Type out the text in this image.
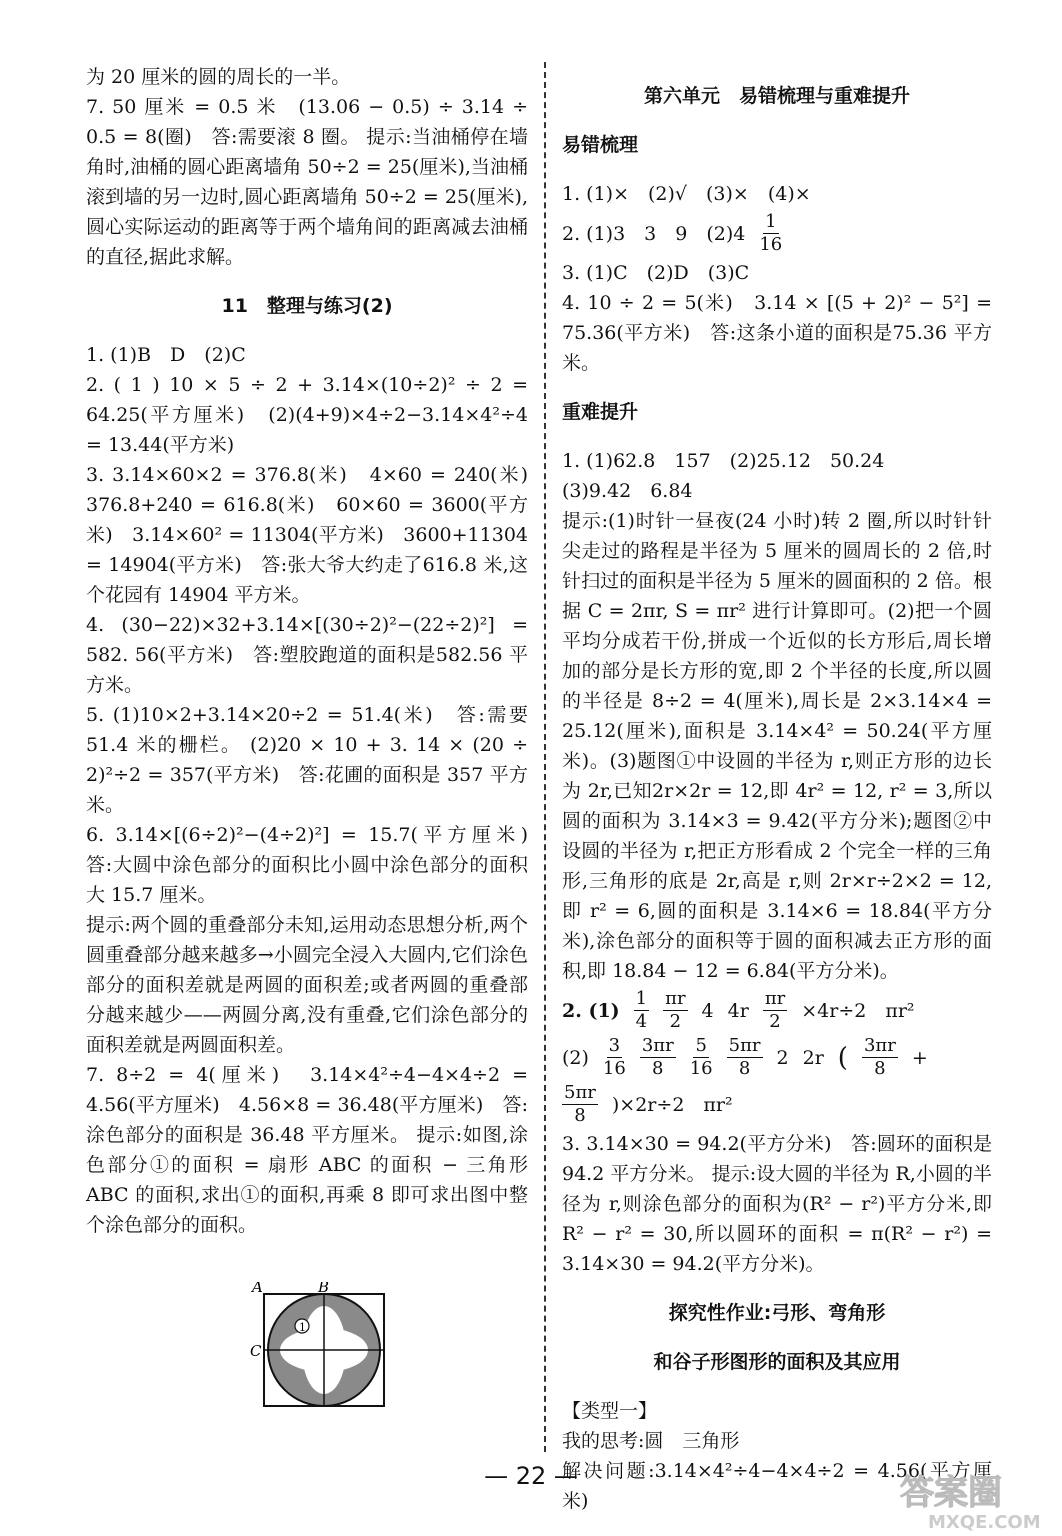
为 20 厘米的圆的周长的一半。

7. 50 厘米 = 0.5 米　(13.06 − 0.5) ÷ 3.14 ÷ 0.5 = 8(圈)　答:需要滚 8 圈。 提示:当油桶停在墙角时,油桶的圆心距离墙角 50÷2 = 25(厘米),当油桶滚到墙的另一边时,圆心距离墙角 50÷2 = 25(厘米),圆心实际运动的距离等于两个墙角间的距离减去油桶的直径,据此求解。

11　整理与练习(2)

1. (1)B　D　(2)C

2. ( 1 ) 10 × 5 ÷ 2 + 3.14×(10÷2)² ÷ 2 = 64.25(平方厘米)　(2)(4+9)×4÷2−3.14×4²÷4 = 13.44(平方米)

3. 3.14×60×2 = 376.8(米)　4×60 = 240(米)　376.8+240 = 616.8(米)　60×60 = 3600(平方米)　3.14×60² = 11304(平方米)　3600+11304 = 14904(平方米)　答:张大爷大约走了616.8 米,这个花园有 14904 平方米。

4. (30−22)×32+3.14×[(30÷2)²−(22÷2)²] = 582. 56(平方米)　答:塑胶跑道的面积是582.56 平方米。

5. (1)10×2+3.14×20÷2 = 51.4(米)　答:需要 51.4 米的栅栏。 (2)20 × 10 + 3. 14 × (20 ÷ 2)²÷2 = 357(平方米)　答:花圃的面积是 357 平方米。

6. 3.14×[(6÷2)²−(4÷2)²] = 15.7(平方厘米)　答:大圆中涂色部分的面积比小圆中涂色部分的面积大 15.7 厘米。

提示:两个圆的重叠部分未知,运用动态思想分析,两个圆重叠部分越来越多→小圆完全浸入大圆内,它们涂色部分的面积差就是两圆的面积差;或者两圆的重叠部分越来越少——两圆分离,没有重叠,它们涂色部分的面积差就是两圆面积差。

7. 8÷2 = 4(厘米)　3.14×4²÷4−4×4÷2 = 4.56(平方厘米)　4.56×8 = 36.48(平方厘米)　答:涂色部分的面积是 36.48 平方厘米。 提示:如图,涂色部分①的面积 = 扇形 ABC 的面积 − 三角形 ABC 的面积,求出①的面积,再乘 8 即可求出图中整个涂色部分的面积。

1
A	B
C

第六单元　易错梳理与重难提升

易错梳理

1. (1)×　(2)√　(3)×　(4)×

2. (1)3　3　9　$(2)4 \frac{1}{16}$

3. (1)C　(2)D　(3)C

4. 10 ÷ 2 = 5(米)　3.14 × [(5 + 2)² − 5²] = 75.36(平方米)　答:这条小道的面积是75.36 平方米。

重难提升

1. (1)62.8　157　(2)25.12　50.24

(3)9.42　6.84

提示:(1)时针一昼夜(24 小时)转 2 圈,所以时针针尖走过的路程是半径为 5 厘米的圆周长的 2 倍,时针扫过的面积是半径为 5 厘米的圆面积的 2 倍。根据 C = 2πr, S = πr² 进行计算即可。(2)把一个圆平均分成若干份,拼成一个近似的长方形后,周长增加的部分是长方形的宽,即 2 个半径的长度,所以圆的半径是 8÷2 = 4(厘米),周长是 2×3.14×4 = 25.12(厘米),面积是 3.14×4² = 50.24(平方厘米)。(3)题图①中设圆的半径为 r,则正方形的边长为 2r,已知2r×2r = 12,即 4r² = 12, r² = 3,所以圆的面积为 3.14×3 = 9.42(平方分米);题图②中设圆的半径为 r,把正方形看成 2 个完全一样的三角形,三角形的底是 2r,高是 r,则 2r×r÷2×2 = 12,即 r² = 6,圆的面积是 3.14×6 = 18.84(平方分米),涂色部分的面积等于圆的面积减去正方形的面积,即 18.84 − 12 = 6.84(平方分米)。

2. $(1) \frac{1}{4} \frac{\pi r}{2} 4$ $4r \frac{\pi r}{2} \times 4r\div 2$　πr²
$(2) \frac{3}{16} \frac{3\pi r}{8} \frac{5}{16} \frac{5\pi r}{8} 2$ 2r ( $\frac{3\pi r}{8}$ +
$\frac{5\pi r}{8} )\times 2r\div 2$　πr²

3. 3.14×30 = 94.2(平方分米)　答:圆环的面积是 94.2 平方分米。 提示:设大圆的半径为 R,小圆的半径为 r,则涂色部分的面积为(R² − r²)平方分米,即 R² − r² = 30,所以圆环的面积 = π(R² − r²) = 3.14×30 = 94.2(平方分米)。

探究性作业:弓形、弯角形

和谷子形图形的面积及其应用

【类型一】

我的思考:圆　三角形

解决问题:3.14×4²÷4−4×4÷2 = 4.56(平方厘米)

— 22 —	答案圈
MXQE.COM
